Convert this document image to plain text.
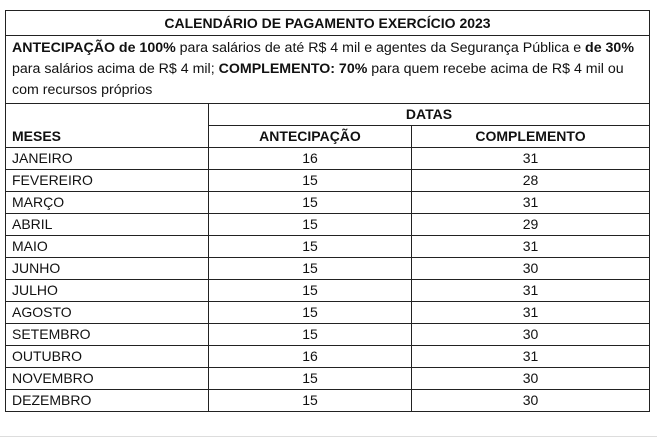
CALENDÁRIO DE PAGAMENTO EXERCÍCIO 2023		
ANTECIPAÇÃO de 100% para salários de até R$ 4 mil e agentes da Segurança Pública e de 30% para salários acima de R$ 4 mil; COMPLEMENTO: 70% para quem recebe acima de R$ 4 mil ou com recursos próprios		
MESES	DATAS	
	ANTECIPAÇÃO	COMPLEMENTO
JANEIRO	16	31
FEVEREIRO	15	28
MARÇO	15	31
ABRIL	15	29
MAIO	15	31
JUNHO	15	30
JULHO	15	31
AGOSTO	15	31
SETEMBRO	15	30
OUTUBRO	16	31
NOVEMBRO	15	30
DEZEMBRO	15	30
